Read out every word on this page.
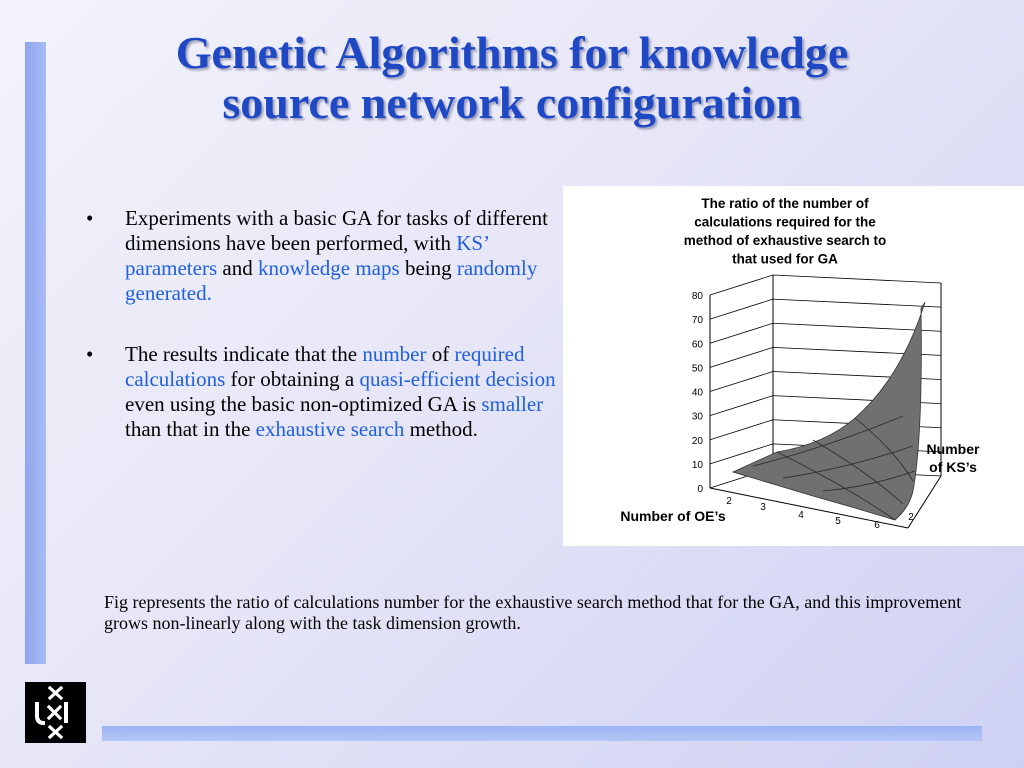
Genetic Algorithms for knowledge
source network configuration
•	Experiments with a basic GA for tasks of different dimensions have been performed, with KS’ parameters and knowledge maps being randomly generated.
•	The results indicate that the number of required calculations for obtaining a quasi-efficient decision even using the basic non-optimized GA is smaller than that in the exhaustive search method.
The ratio of the number of
calculations required for the
method of exhaustive search to
that used for GA
0
10
20
30
40
50
60
70
80
2
3
4
5	6
Number of OE’s
Number
of KS’s
2
Fig represents the ratio of calculations number for the exhaustive search method that for the GA, and this improvement grows non-linearly along with the task dimension growth.
